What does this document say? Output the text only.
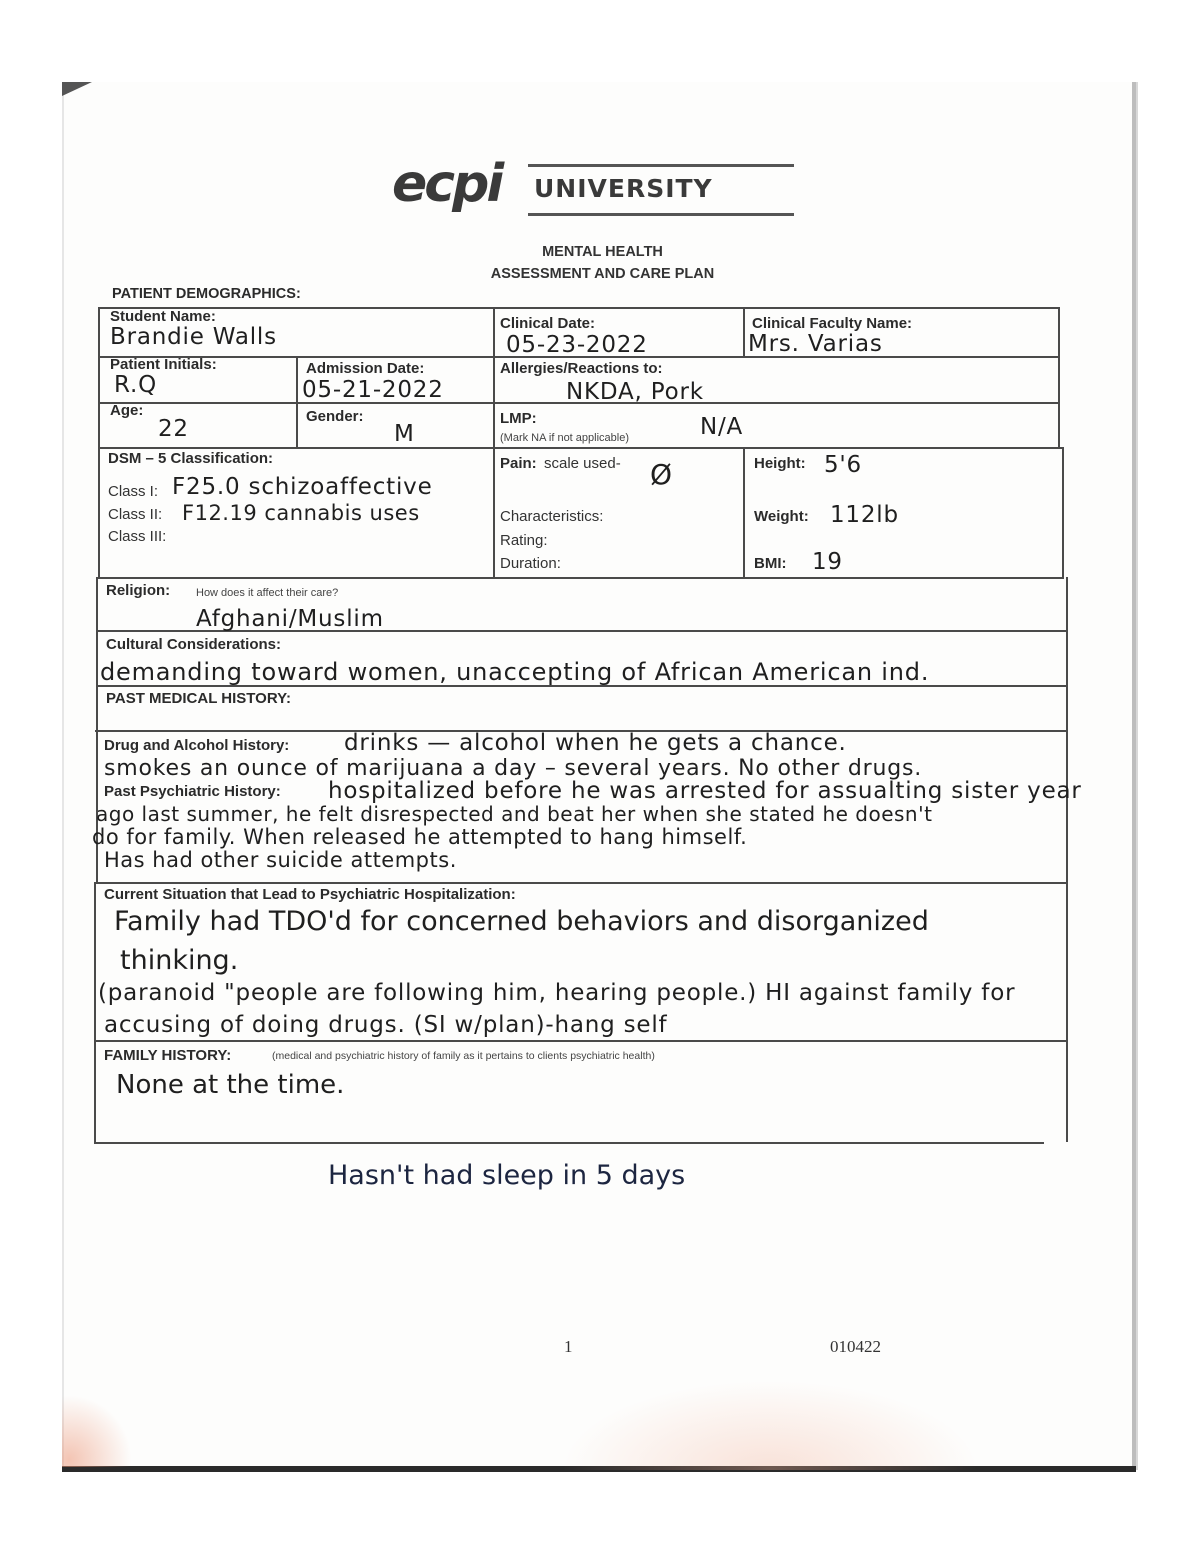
ecpi UNIVERSITY
MENTAL HEALTH
ASSESSMENT AND CARE PLAN
PATIENT DEMOGRAPHICS:
Student Name:
Brandie Walls
Clinical Date:
05-23-2022
Clinical Faculty Name:
Mrs. Varias
Patient Initials:
R.Q
Admission Date:
05-21-2022
Allergies/Reactions to:
NKDA, Pork
Age:
22	Gender:
M
LMP:
(Mark NA if not applicable)	N/A
DSM – 5 Classification:
Class I: F25.0 schizoaffective
Class II: F12.19 cannabis uses
Class III:
Pain: scale used- Ø
Characteristics:
Rating:
Duration:
Height: 5'6
Weight: 112lb
BMI: 19
Religion: How does it affect their care?
Afghani/Muslim
Cultural Considerations:
demanding toward women, unaccepting of African American ind.
PAST MEDICAL HISTORY:
Drug and Alcohol History: drinks — alcohol when he gets a chance.
smokes an ounce of marijuana a day – several years. No other drugs.
Past Psychiatric History: hospitalized before he was arrested for assualting sister year
ago last summer, he felt disrespected and beat her when she stated he doesn't
do for family. When released he attempted to hang himself.
Has had other suicide attempts.
Current Situation that Lead to Psychiatric Hospitalization:
Family had TDO'd for concerned behaviors and disorganized
thinking.
(paranoid "people are following him, hearing people.) HI against family for
accusing of doing drugs. (SI w/plan)-hang self
FAMILY HISTORY:	(medical and psychiatric history of family as it pertains to clients psychiatric health)
None at the time.
Hasn't had sleep in 5 days
1	010422
